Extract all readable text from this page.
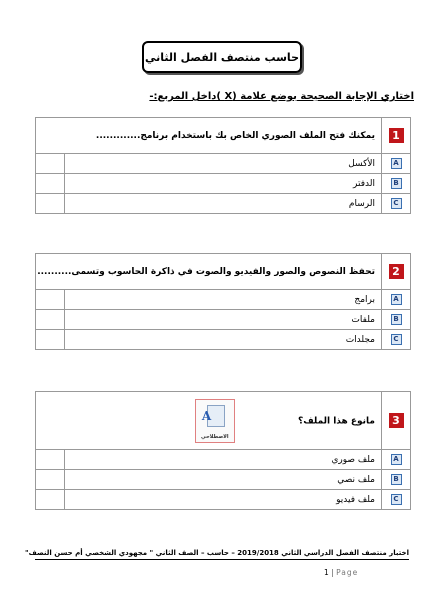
حاسب منتصف الفصل الثاني
اختاري الإجابة الصحيحة بوضع علامة (X )داخل المربع:-
1	يمكنك فتح الملف الصوري الخاص بك باستخدام برنامج.............	
A	الأكسل	
B	الدفتر	
C	الرسام	
2	تحفظ النصوص والصور والفيديو والصوت في ذاكرة الحاسوب وتسمى..........	
A	برامج	
B	ملفات	
C	مجلدات	
3	مانوع هذا الملف؟
A
الاصطلاحي	

A	ملف صوري	
B	ملف نصي	
C	ملف فيديو	
اختبار منتصف الفصل الدراسي الثاني 2019/2018 – حاسب – الصف الثاني " مجهودي الشخصي أم حسن النصف"
1 | Page
